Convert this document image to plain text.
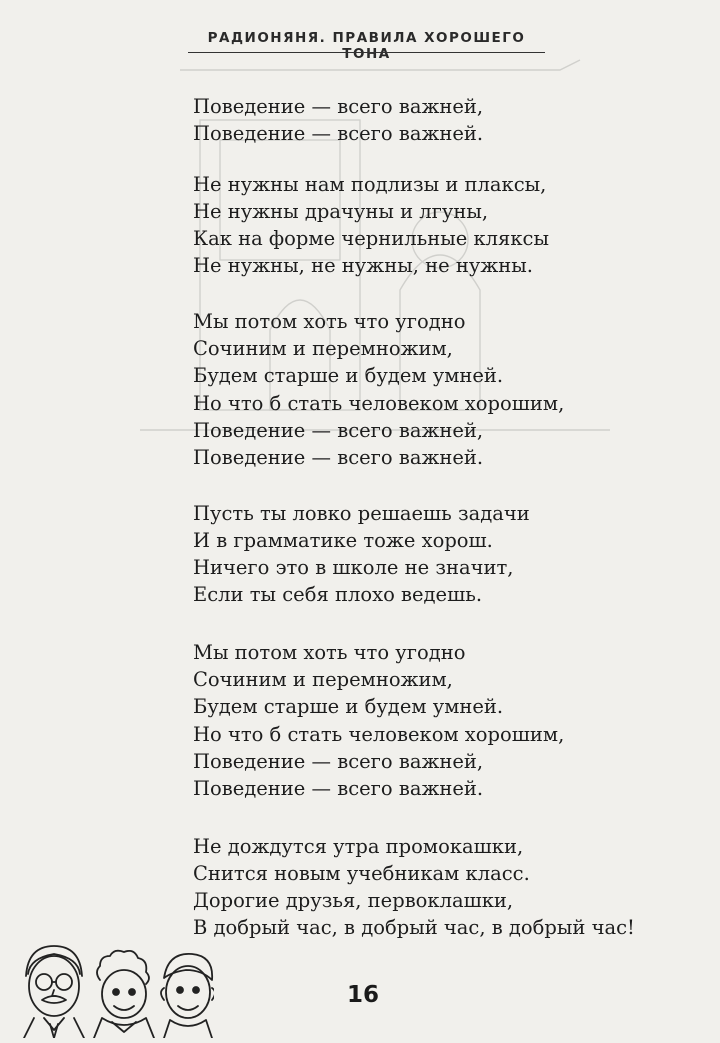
РАДИОНЯНЯ. ПРАВИЛА ХОРОШЕГО ТОНА
Поведение — всего важней,
Поведение — всего важней.
Не нужны нам подлизы и плаксы,
Не нужны драчуны и лгуны,
Как на форме чернильные кляксы
Не нужны, не нужны, не нужны.
Мы потом хоть что угодно
Сочиним и перемножим,
Будем старше и будем умней.
Но что б стать человеком хорошим,
Поведение — всего важней,
Поведение — всего важней.
Пусть ты ловко решаешь задачи
И в грамматике тоже хорош.
Ничего это в школе не значит,
Если ты себя плохо ведешь.
Мы потом хоть что угодно
Сочиним и перемножим,
Будем старше и будем умней.
Но что б стать человеком хорошим,
Поведение — всего важней,
Поведение — всего важней.
Не дождутся утра промокашки,
Снится новым учебникам класс.
Дорогие друзья, первоклашки,
В добрый час, в добрый час, в добрый час!
16
